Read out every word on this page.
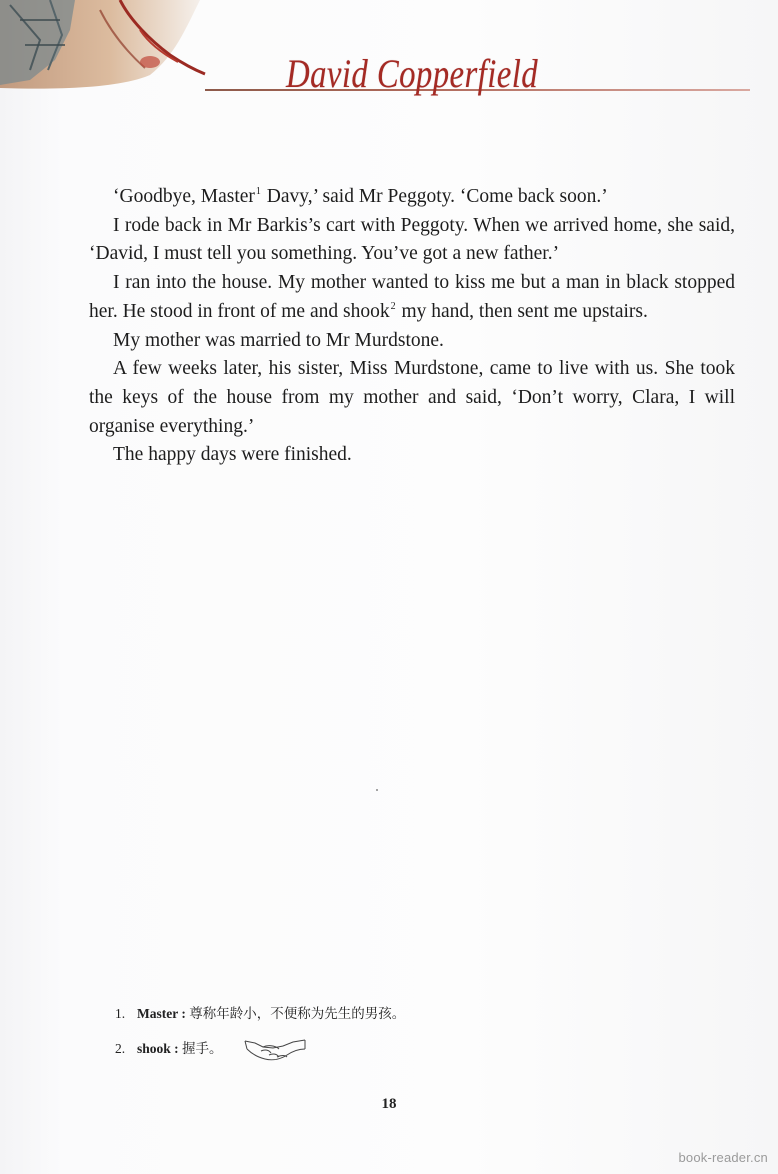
David Copperfield

‘Goodbye, Master$^1$ Davy,’ said Mr Peggoty. ‘Come back soon.’

I rode back in Mr Barkis’s cart with Peggoty. When we arrived home, she said, ‘David, I must tell you something. You’ve got a new father.’

I ran into the house. My mother wanted to kiss me but a man in black stopped her. He stood in front of me and shook$^2$ my hand, then sent me upstairs.

My mother was married to Mr Murdstone.

A few weeks later, his sister, Miss Murdstone, came to live with us. She took the keys of the house from my mother and said, ‘Don’t worry, Clara, I will organise everything.’

The happy days were finished.

1. Master : 尊称年龄小，不便称为先生的男孩。
2. shook : 握手。
18
book-reader.cn
